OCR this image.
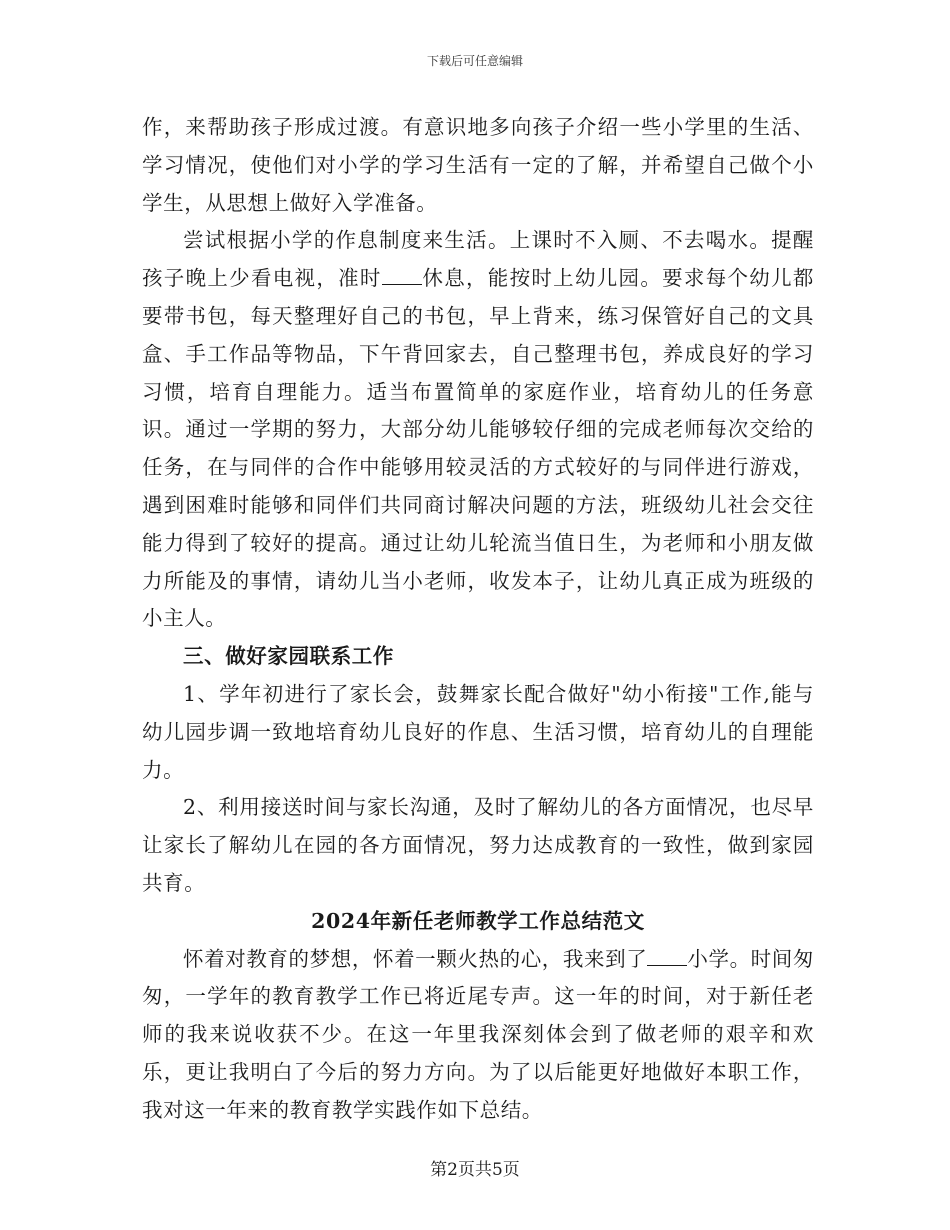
下载后可任意编辑

作，来帮助孩子形成过渡。有意识地多向孩子介绍一些小学里的生活、学习情况，使他们对小学的学习生活有一定的了解，并希望自己做个小学生，从思想上做好入学准备。

尝试根据小学的作息制度来生活。上课时不入厕、不去喝水。提醒孩子晚上少看电视，准时 休息，能按时上幼儿园。要求每个幼儿都要带书包，每天整理好自己的书包，早上背来，练习保管好自己的文具盒、手工作品等物品，下午背回家去，自己整理书包，养成良好的学习习惯，培育自理能力。适当布置简单的家庭作业，培育幼儿的任务意识。通过一学期的努力，大部分幼儿能够较仔细的完成老师每次交给的任务，在与同伴的合作中能够用较灵活的方式较好的与同伴进行游戏，遇到困难时能够和同伴们共同商讨解决问题的方法，班级幼儿社会交往能力得到了较好的提高。通过让幼儿轮流当值日生，为老师和小朋友做力所能及的事情，请幼儿当小老师，收发本子，让幼儿真正成为班级的小主人。

三、做好家园联系工作

1、学年初进行了家长会，鼓舞家长配合做好"幼小衔接"工作,能与幼儿园步调一致地培育幼儿良好的作息、生活习惯，培育幼儿的自理能力。

2、利用接送时间与家长沟通，及时了解幼儿的各方面情况，也尽早让家长了解幼儿在园的各方面情况，努力达成教育的一致性，做到家园共育。

2024年新任老师教学工作总结范文

怀着对教育的梦想，怀着一颗火热的心，我来到了 小学。时间匆匆，一学年的教育教学工作已将近尾专声。这一年的时间，对于新任老师的我来说收获不少。在这一年里我深刻体会到了做老师的艰辛和欢乐，更让我明白了今后的努力方向。为了以后能更好地做好本职工作，我对这一年来的教育教学实践作如下总结。

第2页共5页
